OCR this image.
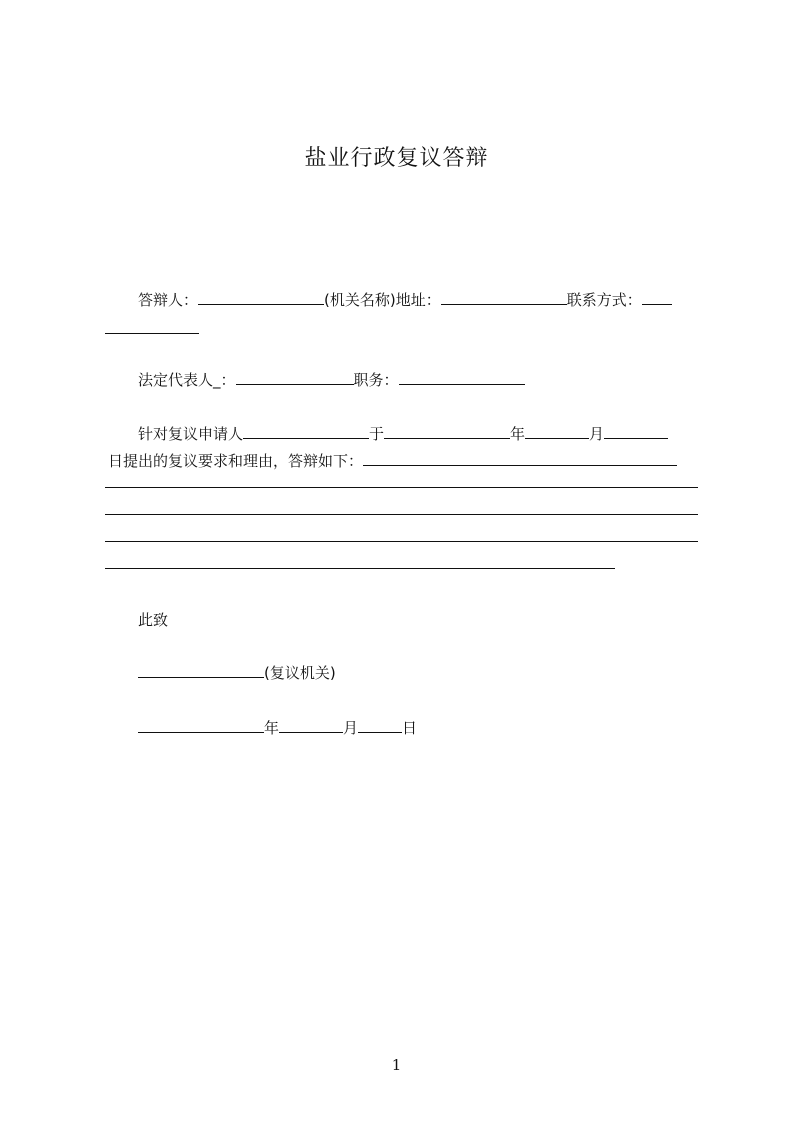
盐业行政复议答辩
答辩人：	(机关名称)地址：	联系方式：
法定代表人_：	职务：
针对复议申请人	于	年	月
日提出的复议要求和理由，答辩如下：
此致
(复议机关)
年	月	日
1
